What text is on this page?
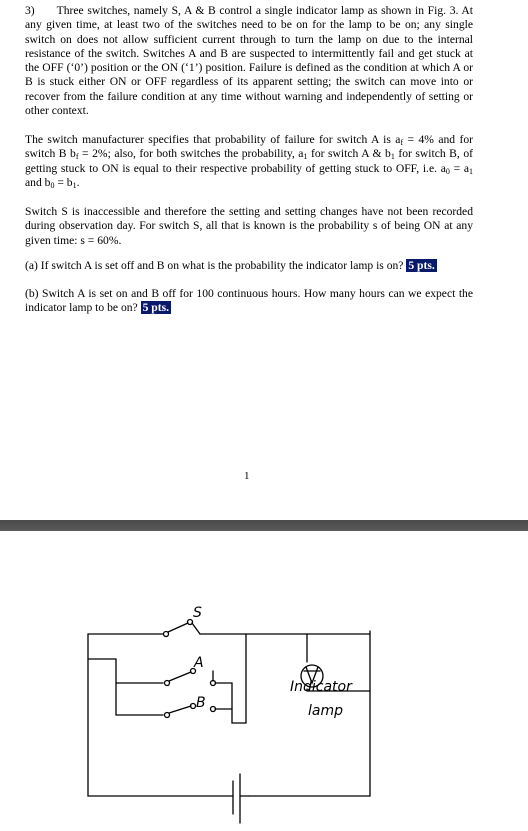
3) Three switches, namely S, A & B control a single indicator lamp as shown in Fig. 3. At any given time, at least two of the switches need to be on for the lamp to be on; any single switch on does not allow sufficient current through to turn the lamp on due to the internal resistance of the switch. Switches A and B are suspected to intermittently fail and get stuck at the OFF (‘0’) position or the ON (‘1’) position. Failure is defined as the condition at which A or B is stuck either ON or OFF regardless of its apparent setting; the switch can move into or recover from the failure condition at any time without warning and independently of setting or other context.

The switch manufacturer specifies that probability of failure for switch A is $a_f = 4\%$ and for switch B $b_f = 2\%$; also, for both switches the probability, $a_1$ for switch A & $b_1$ for switch B, of getting stuck to ON is equal to their respective probability of getting stuck to OFF, i.e. $a_0 = a_1$ and $b_0 = b_1$.

Switch S is inaccessible and therefore the setting and setting changes have not been recorded during observation day. For switch S, all that is known is the probability s of being ON at any given time: s = 60%.

(a) If switch A is set off and B on what is the probability the indicator lamp is on? 5 pts.

(b) Switch A is set on and B off for 100 continuous hours. How many hours can we expect the indicator lamp to be on? 5 pts.

1
S
A
B
Indicator
lamp
